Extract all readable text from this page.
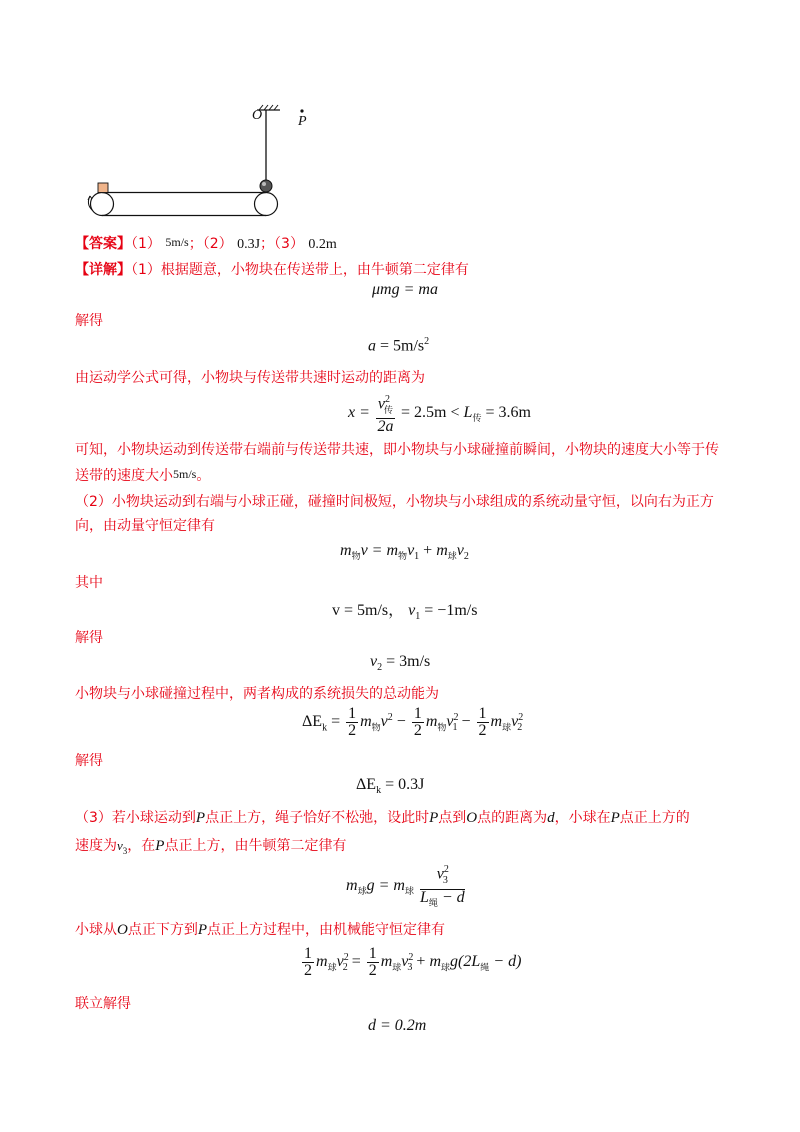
O	P
【答案】（1） 5m/s；（2） 0.3J；（3） 0.2m
【详解】（1）根据题意，小物块在传送带上，由牛顿第二定律有
μmg = ma
解得
$a = 5m/s^2$
由运动学公式可得，小物块与传送带共速时运动的距离为
$x = \frac{v^2_传}{2a} = 2.5m < L_传 = 3.6m$
可知，小物块运动到传送带右端前与传送带共速，即小物块与小球碰撞前瞬间，小物块的速度大小等于传
送带的速度大小5m/s。
（2）小物块运动到右端与小球正碰，碰撞时间极短，小物块与小球组成的系统动量守恒，以向右为正方
向，由动量守恒定律有
$m_物v = m_物v_1 + m_球v_2$
其中
v = 5m/s， $v_1 = -1m/s$
解得
$v_2 = 3m/s$
小物块与小球碰撞过程中，两者构成的系统损失的总动能为
$\Delta E_k = \frac{1}{2} m_物v^2 - \frac{1}{2} m_物v^2_1 - \frac{1}{2} m_球v^2_2$
解得
$\Delta E_k = 0.3J$
（3）若小球运动到P点正上方，绳子恰好不松弛，设此时P点到O点的距离为d，小球在P点正上方的
速度为$v_3$，在P点正上方，由牛顿第二定律有
$m_球g = m_球 \frac{v^2_3}{L_绳 - d}$
小球从O点正下方到P点正上方过程中，由机械能守恒定律有
$\frac{1}{2} m_球v^2_2 = \frac{1}{2} m_球v^2_3 + m_球g(2L_绳 - d)$
联立解得
d = 0.2m
